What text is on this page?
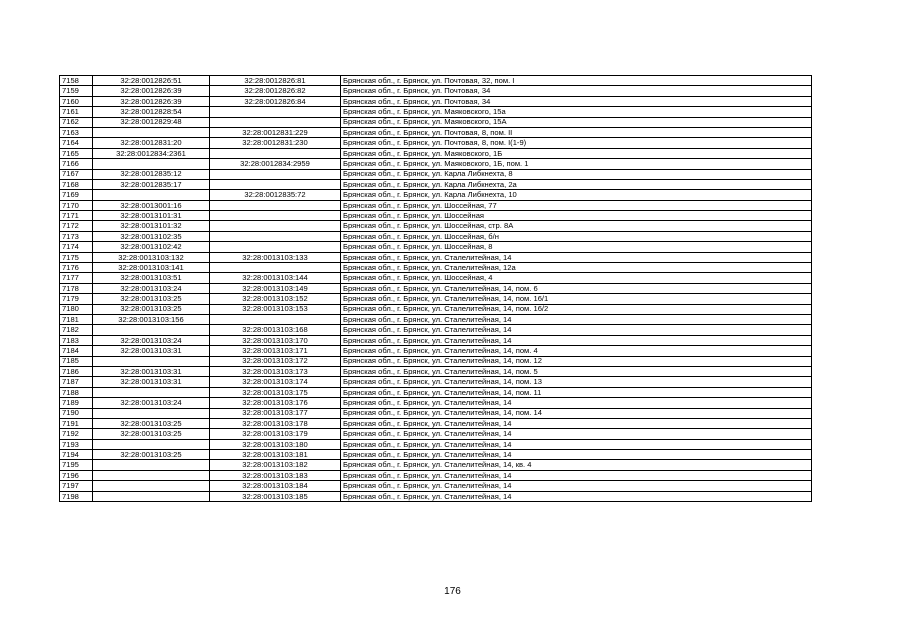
7158	32:28:0012826:51	32:28:0012826:81	Брянская обл., г. Брянск, ул. Почтовая, 32, пом. I
7159	32:28:0012826:39	32:28:0012826:82	Брянская обл., г. Брянск, ул. Почтовая, 34
7160	32:28:0012826:39	32:28:0012826:84	Брянская обл., г. Брянск, ул. Почтовая, 34
7161	32:28:0012828:54		Брянская обл., г. Брянск, ул. Маяковского, 15а
7162	32:28:0012829:48		Брянская обл., г. Брянск, ул. Маяковского, 15А
7163		32:28:0012831:229	Брянская обл., г. Брянск, ул. Почтовая, 8, пом. II
7164	32:28:0012831:20	32:28:0012831:230	Брянская обл., г. Брянск, ул. Почтовая, 8, пом. I(1-9)
7165	32:28:0012834:2361		Брянская обл., г. Брянск, ул. Маяковского, 1Б
7166		32:28:0012834:2959	Брянская обл., г. Брянск, ул. Маяковского, 1Б, пом. 1
7167	32:28:0012835:12		Брянская обл., г. Брянск, ул. Карла Либкнехта, 8
7168	32:28:0012835:17		Брянская обл., г. Брянск, ул. Карла Либкнехта, 2а
7169		32:28:0012835:72	Брянская обл., г. Брянск, ул. Карла Либкнехта, 10
7170	32:28:0013001:16		Брянская обл., г. Брянск, ул. Шоссейная, 77
7171	32:28:0013101:31		Брянская обл., г. Брянск, ул. Шоссейная
7172	32:28:0013101:32		Брянская обл., г. Брянск, ул. Шоссейная, стр. 8А
7173	32:28:0013102:35		Брянская обл., г. Брянск, ул. Шоссейная, б/н
7174	32:28:0013102:42		Брянская обл., г. Брянск, ул. Шоссейная, 8
7175	32:28:0013103:132	32:28:0013103:133	Брянская обл., г. Брянск, ул. Сталелитейная, 14
7176	32:28:0013103:141		Брянская обл., г. Брянск, ул. Сталелитейная, 12а
7177	32:28:0013103:51	32:28:0013103:144	Брянская обл., г. Брянск, ул. Шоссейная, 4
7178	32:28:0013103:24	32:28:0013103:149	Брянская обл., г. Брянск, ул. Сталелитейная, 14, пом. 6
7179	32:28:0013103:25	32:28:0013103:152	Брянская обл., г. Брянск, ул. Сталелитейная, 14, пом. 16/1
7180	32:28:0013103:25	32:28:0013103:153	Брянская обл., г. Брянск, ул. Сталелитейная, 14, пом. 16/2
7181	32:28:0013103:156		Брянская обл., г. Брянск, ул. Сталелитейная, 14
7182		32:28:0013103:168	Брянская обл., г. Брянск, ул. Сталелитейная, 14
7183	32:28:0013103:24	32:28:0013103:170	Брянская обл., г. Брянск, ул. Сталелитейная, 14
7184	32:28:0013103:31	32:28:0013103:171	Брянская обл., г. Брянск, ул. Сталелитейная, 14, пом. 4
7185		32:28:0013103:172	Брянская обл., г. Брянск, ул. Сталелитейная, 14, пом. 12
7186	32:28:0013103:31	32:28:0013103:173	Брянская обл., г. Брянск, ул. Сталелитейная, 14, пом. 5
7187	32:28:0013103:31	32:28:0013103:174	Брянская обл., г. Брянск, ул. Сталелитейная, 14, пом. 13
7188		32:28:0013103:175	Брянская обл., г. Брянск, ул. Сталелитейная, 14, пом. 11
7189	32:28:0013103:24	32:28:0013103:176	Брянская обл., г. Брянск, ул. Сталелитейная, 14
7190		32:28:0013103:177	Брянская обл., г. Брянск, ул. Сталелитейная, 14, пом. 14
7191	32:28:0013103:25	32:28:0013103:178	Брянская обл., г. Брянск, ул. Сталелитейная, 14
7192	32:28:0013103:25	32:28:0013103:179	Брянская обл., г. Брянск, ул. Сталелитейная, 14
7193		32:28:0013103:180	Брянская обл., г. Брянск, ул. Сталелитейная, 14
7194	32:28:0013103:25	32:28:0013103:181	Брянская обл., г. Брянск, ул. Сталелитейная, 14
7195		32:28:0013103:182	Брянская обл., г. Брянск, ул. Сталелитейная, 14, кв. 4
7196		32:28:0013103:183	Брянская обл., г. Брянск, ул. Сталелитейная, 14
7197		32:28:0013103:184	Брянская обл., г. Брянск, ул. Сталелитейная, 14
7198		32:28:0013103:185	Брянская обл., г. Брянск, ул. Сталелитейная, 14
176
